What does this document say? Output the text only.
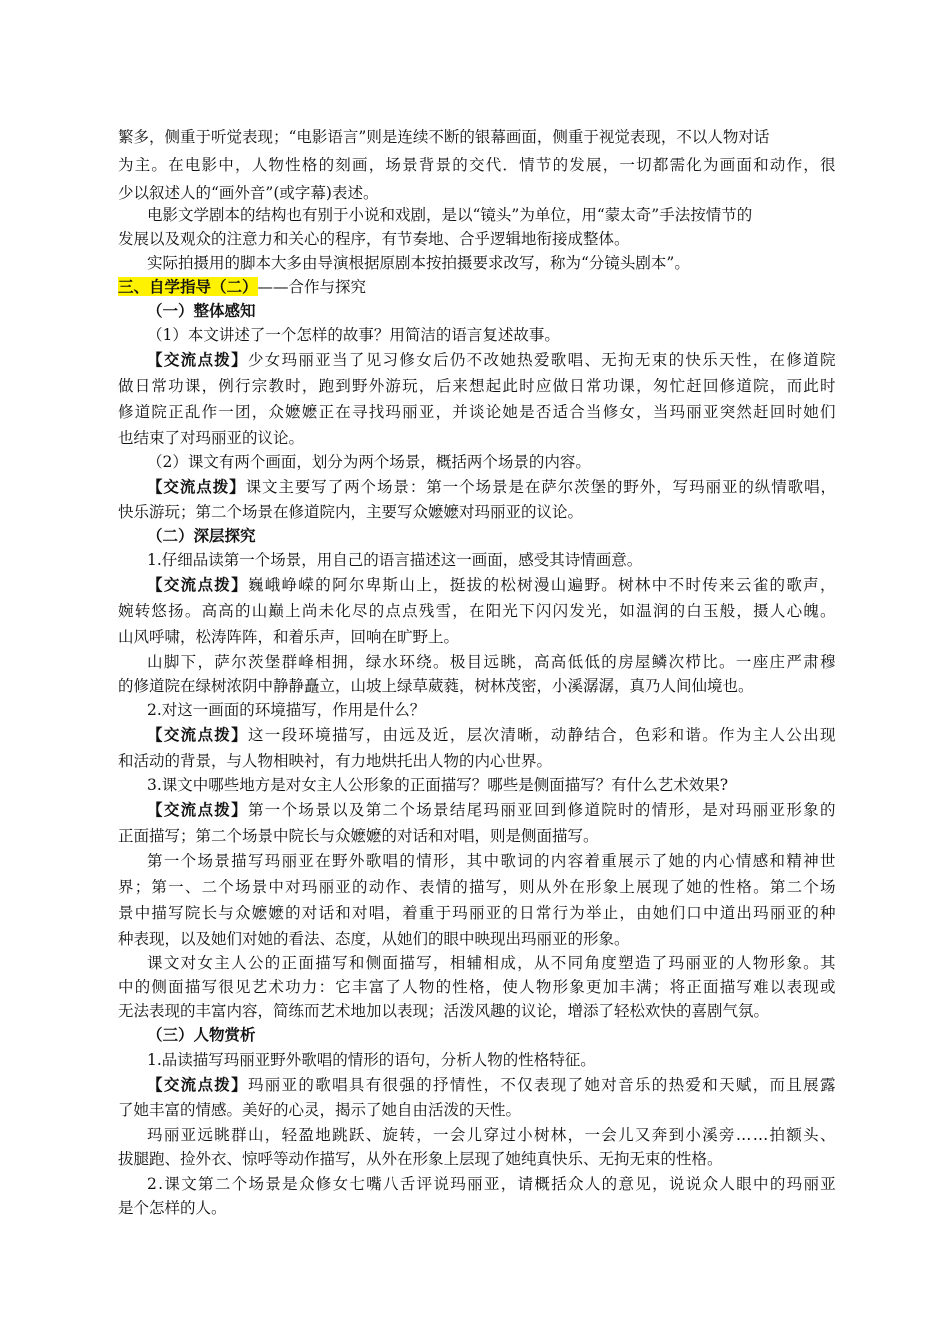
繁多，侧重于听觉表现；“电影语言”则是连续不断的银幕画面，侧重于视觉表现，不以人物对话
为主。在电影中，人物性格的刻画，场景背景的交代．情节的发展，一切都需化为画面和动作，很
少以叙述人的“画外音”(或字幕)表述。
电影文学剧本的结构也有别于小说和戏剧，是以“镜头”为单位，用“蒙太奇”手法按情节的
发展以及观众的注意力和关心的程序，有节奏地、合乎逻辑地衔接成整体。
实际拍摄用的脚本大多由导演根据原剧本按拍摄要求改写，称为“分镜头剧本”。
三、自学指导（二）——合作与探究
（一）整体感知
（1）本文讲述了一个怎样的故事？用简洁的语言复述故事。
【交流点拨】少女玛丽亚当了见习修女后仍不改她热爱歌唱、无拘无束的快乐天性，在修道院
做日常功课，例行宗教时，跑到野外游玩，后来想起此时应做日常功课，匆忙赶回修道院，而此时
修道院正乱作一团，众嬷嬷正在寻找玛丽亚，并谈论她是否适合当修女，当玛丽亚突然赶回时她们
也结束了对玛丽亚的议论。
（2）课文有两个画面，划分为两个场景，概括两个场景的内容。
【交流点拨】课文主要写了两个场景：第一个场景是在萨尔茨堡的野外，写玛丽亚的纵情歌唱，
快乐游玩；第二个场景在修道院内，主要写众嬷嬷对玛丽亚的议论。
（二）深层探究
1.仔细品读第一个场景，用自己的语言描述这一画面，感受其诗情画意。
【交流点拨】巍峨峥嵘的阿尔卑斯山上，挺拔的松树漫山遍野。树林中不时传来云雀的歌声，
婉转悠扬。高高的山巅上尚未化尽的点点残雪，在阳光下闪闪发光，如温润的白玉般，摄人心魄。
山风呼啸，松涛阵阵，和着乐声，回响在旷野上。
山脚下，萨尔茨堡群峰相拥，绿水环绕。极目远眺，高高低低的房屋鳞次栉比。一座庄严肃穆
的修道院在绿树浓阴中静静矗立，山坡上绿草葳蕤，树林茂密，小溪潺潺，真乃人间仙境也。
2.对这一画面的环境描写，作用是什么？
【交流点拨】这一段环境描写，由远及近，层次清晰，动静结合，色彩和谐。作为主人公出现
和活动的背景，与人物相映衬，有力地烘托出人物的内心世界。
3.课文中哪些地方是对女主人公形象的正面描写？哪些是侧面描写？有什么艺术效果?
【交流点拨】第一个场景以及第二个场景结尾玛丽亚回到修道院时的情形，是对玛丽亚形象的
正面描写；第二个场景中院长与众嬷嬷的对话和对唱，则是侧面描写。
第一个场景描写玛丽亚在野外歌唱的情形，其中歌词的内容着重展示了她的内心情感和精神世
界；第一、二个场景中对玛丽亚的动作、表情的描写，则从外在形象上展现了她的性格。第二个场
景中描写院长与众嬷嬷的对话和对唱，着重于玛丽亚的日常行为举止，由她们口中道出玛丽亚的种
种表现，以及她们对她的看法、态度，从她们的眼中映现出玛丽亚的形象。
课文对女主人公的正面描写和侧面描写，相辅相成，从不同角度塑造了玛丽亚的人物形象。其
中的侧面描写很见艺术功力：它丰富了人物的性格，使人物形象更加丰满；将正面描写难以表现或
无法表现的丰富内容，简练而艺术地加以表现；活泼风趣的议论，增添了轻松欢快的喜剧气氛。
（三）人物赏析
1.品读描写玛丽亚野外歌唱的情形的语句，分析人物的性格特征。
【交流点拨】玛丽亚的歌唱具有很强的抒情性，不仅表现了她对音乐的热爱和天赋，而且展露
了她丰富的情感。美好的心灵，揭示了她自由活泼的天性。
玛丽亚远眺群山，轻盈地跳跃、旋转，一会儿穿过小树林，一会儿又奔到小溪旁……拍额头、
拔腿跑、捡外衣、惊呼等动作描写，从外在形象上层现了她纯真快乐、无拘无束的性格。
2.课文第二个场景是众修女七嘴八舌评说玛丽亚，请概括众人的意见，说说众人眼中的玛丽亚
是个怎样的人。
